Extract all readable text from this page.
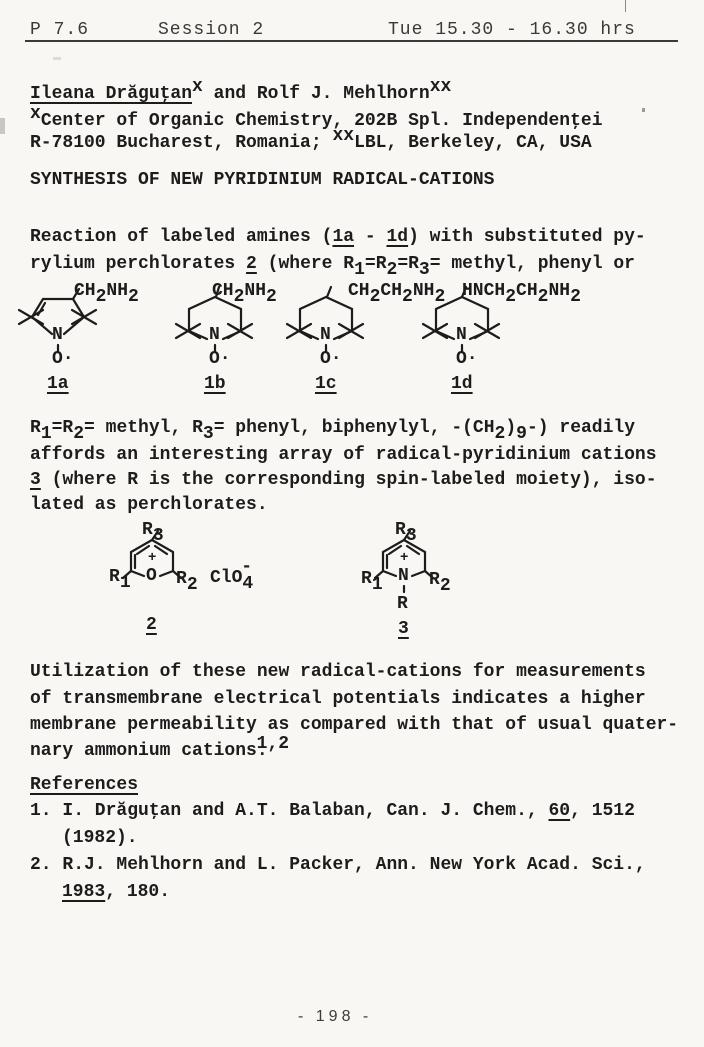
P 7.6	Session 2	Tue 15.30 - 16.30 hrs
Ileana Drăguţanx and Rolf J. Mehlhornxx
xCenter of Organic Chemistry, 202B Spl. Independenţei
R-78100 Bucharest, Romania; xxLBL, Berkeley, CA, USA
SYNTHESIS OF NEW PYRIDINIUM RADICAL-CATIONS
Reaction of labeled amines (1a - 1d) with substituted py-
rylium perchlorates 2 (where R1=R2=R3= methyl, phenyl or
CH2NH2	CH2NH2	CH2CH2NH2 HNCH2CH2NH2
N	N	N	N
O·	O·	O·	O·
1a	1b	1c	1d
R1=R2= methyl, R3= phenyl, biphenylyl, -(CH2)9-) readily
affords an interesting array of radical-pyridinium cations
3 (where R is the corresponding spin-labeled moiety), iso-
lated as perchlorates.
R3
+
O
R1	R2 ClO4-
2
R3
+
N
R1	R2
R
3
Utilization of these new radical-cations for measurements
of transmembrane electrical potentials indicates a higher
membrane permeability as compared with that of usual quater-
nary ammonium cations.1,2
References
1. I. Drăguţan and A.T. Balaban, Can. J. Chem., 60, 1512
(1982).
2. R.J. Mehlhorn and L. Packer, Ann. New York Acad. Sci.,
1983, 180.
- 198 -
